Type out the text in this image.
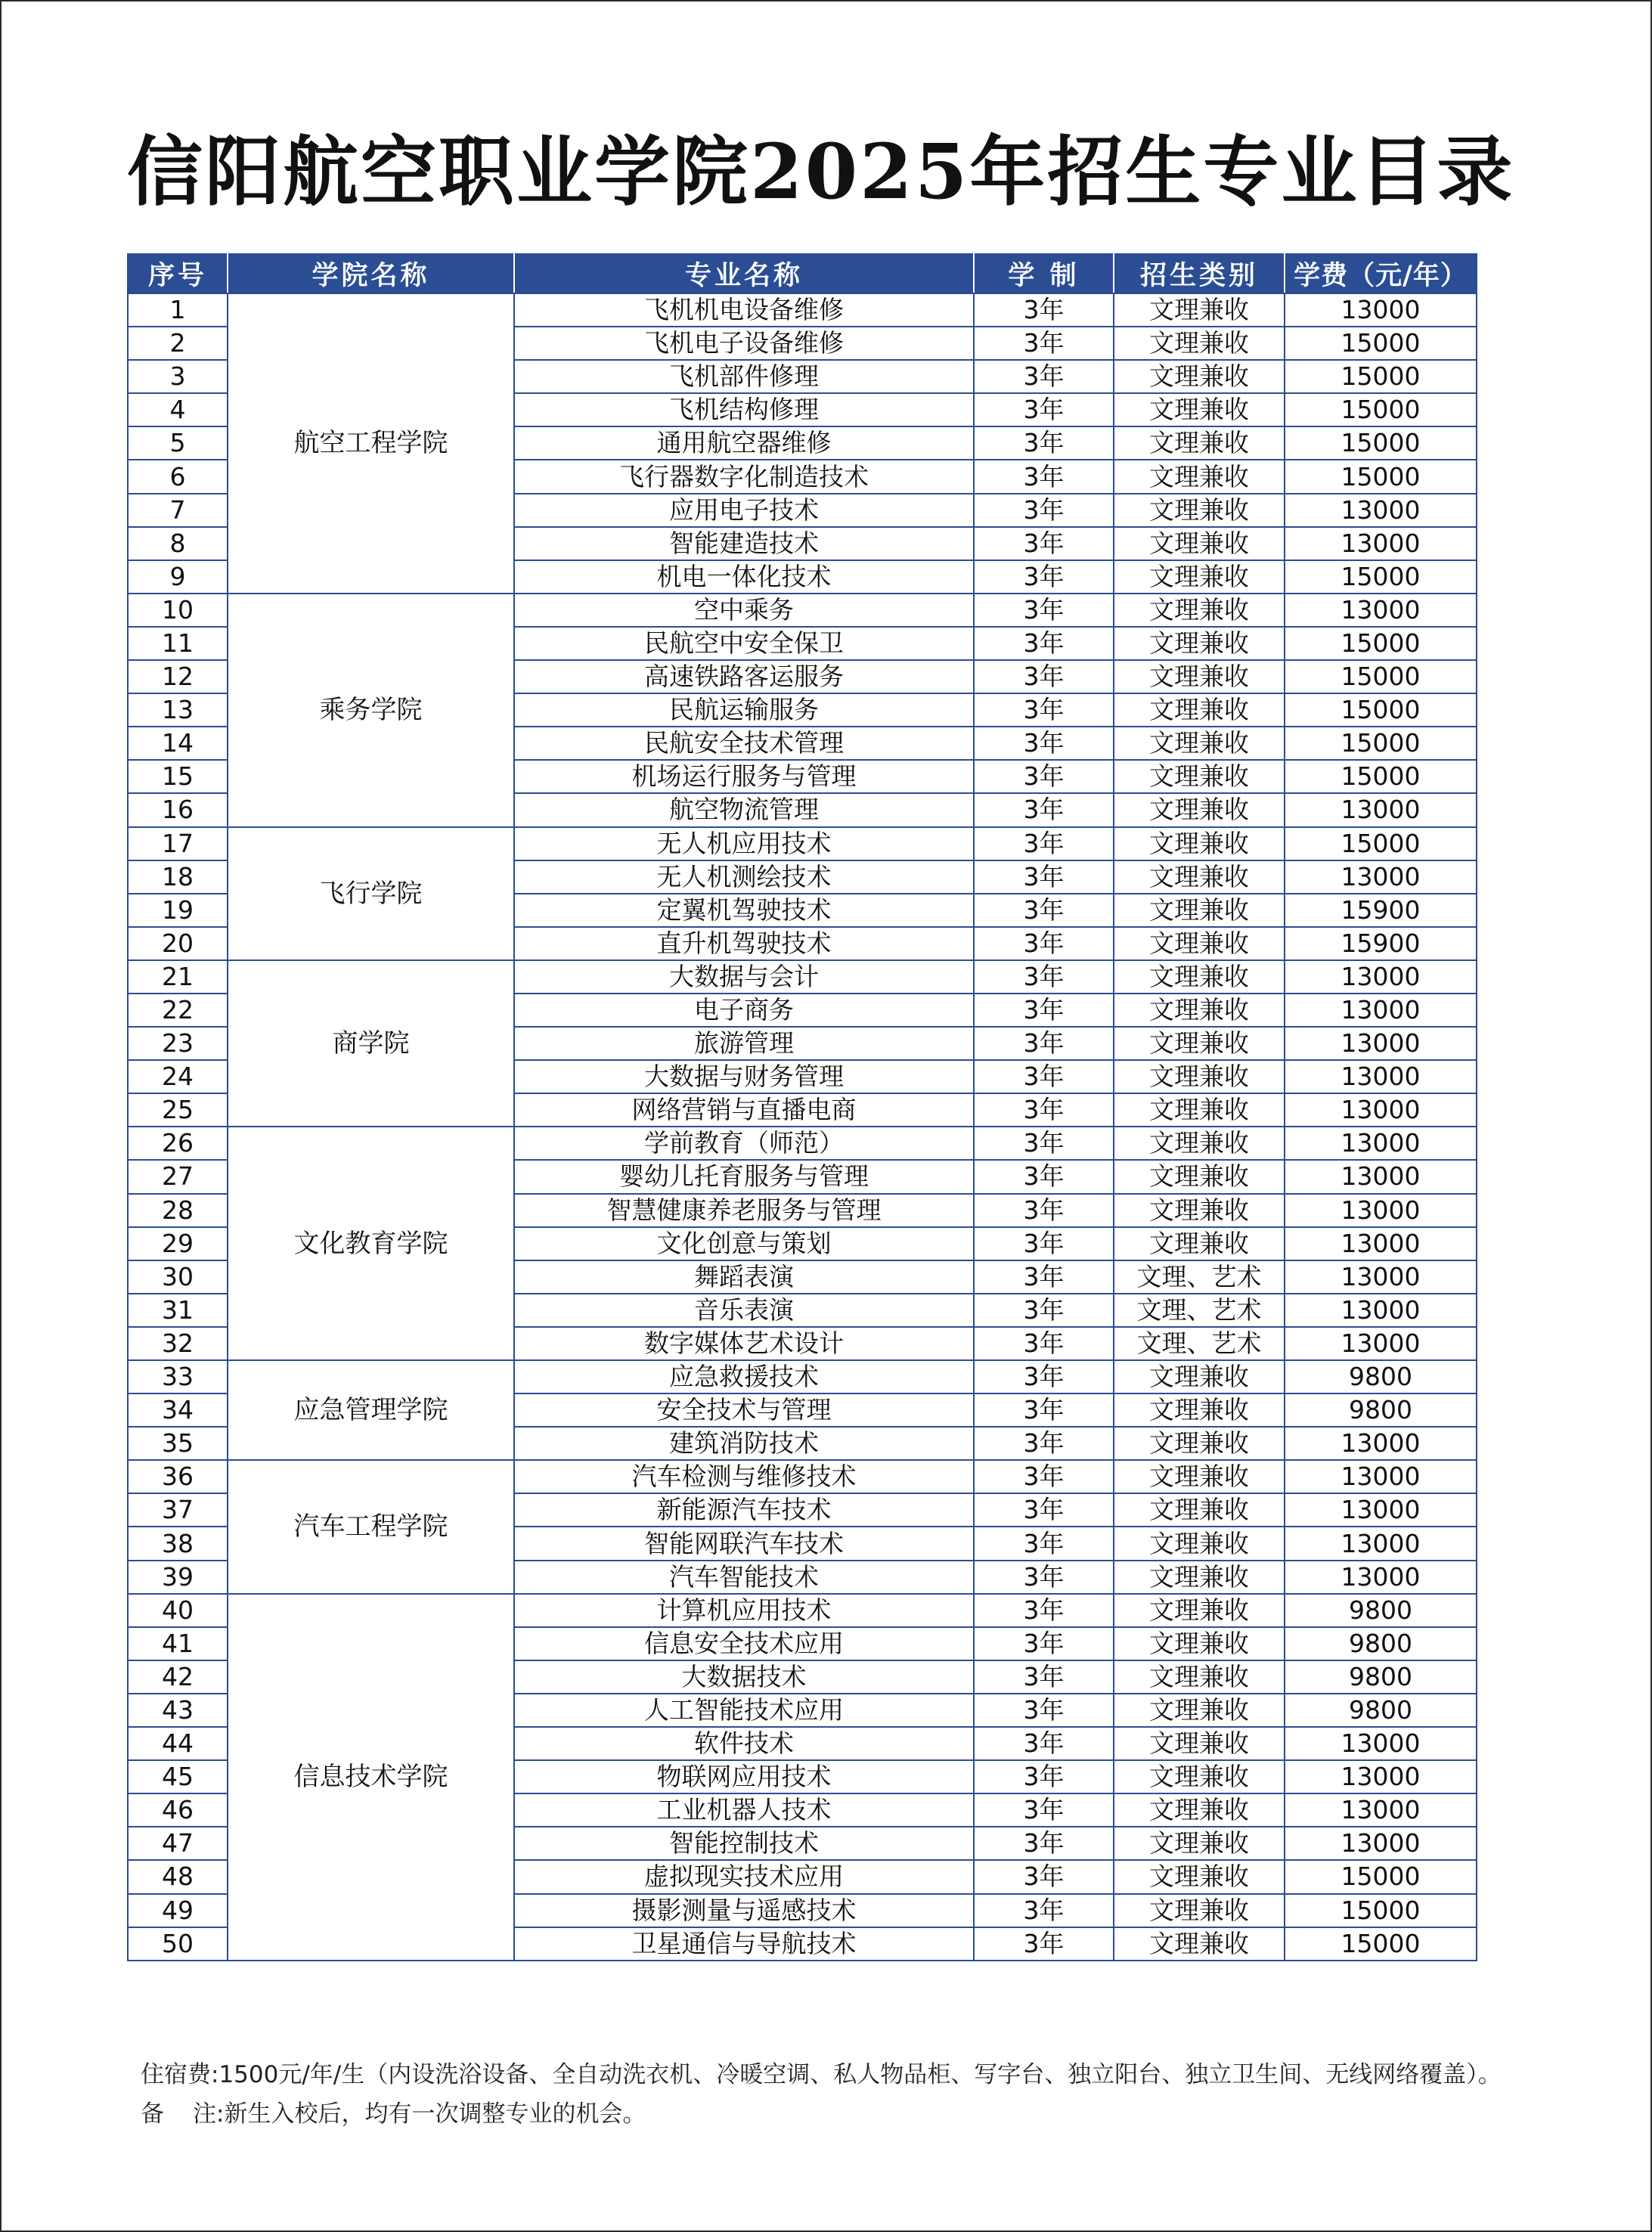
信阳航空职业学院2025年招生专业目录
序号	学院名称	专业名称	学 制	招生类别	学费（元/年）
1	航空工程学院	飞机机电设备维修	3年	文理兼收	13000
2		飞机电子设备维修	3年	文理兼收	15000
3		飞机部件修理	3年	文理兼收	15000
4		飞机结构修理	3年	文理兼收	15000
5		通用航空器维修	3年	文理兼收	15000
6		飞行器数字化制造技术	3年	文理兼收	15000
7		应用电子技术	3年	文理兼收	13000
8		智能建造技术	3年	文理兼收	13000
9		机电一体化技术	3年	文理兼收	15000
10	乘务学院	空中乘务	3年	文理兼收	13000
11		民航空中安全保卫	3年	文理兼收	15000
12		高速铁路客运服务	3年	文理兼收	15000
13		民航运输服务	3年	文理兼收	15000
14		民航安全技术管理	3年	文理兼收	15000
15		机场运行服务与管理	3年	文理兼收	15000
16		航空物流管理	3年	文理兼收	13000
17	飞行学院	无人机应用技术	3年	文理兼收	15000
18		无人机测绘技术	3年	文理兼收	13000
19		定翼机驾驶技术	3年	文理兼收	15900
20		直升机驾驶技术	3年	文理兼收	15900
21	商学院	大数据与会计	3年	文理兼收	13000
22		电子商务	3年	文理兼收	13000
23		旅游管理	3年	文理兼收	13000
24		大数据与财务管理	3年	文理兼收	13000
25		网络营销与直播电商	3年	文理兼收	13000
26	文化教育学院	学前教育（师范）	3年	文理兼收	13000
27		婴幼儿托育服务与管理	3年	文理兼收	13000
28		智慧健康养老服务与管理	3年	文理兼收	13000
29		文化创意与策划	3年	文理兼收	13000
30		舞蹈表演	3年	文理、艺术	13000
31		音乐表演	3年	文理、艺术	13000
32		数字媒体艺术设计	3年	文理、艺术	13000
33	应急管理学院	应急救援技术	3年	文理兼收	9800
34		安全技术与管理	3年	文理兼收	9800
35		建筑消防技术	3年	文理兼收	13000
36	汽车工程学院	汽车检测与维修技术	3年	文理兼收	13000
37		新能源汽车技术	3年	文理兼收	13000
38		智能网联汽车技术	3年	文理兼收	13000
39		汽车智能技术	3年	文理兼收	13000
40	信息技术学院	计算机应用技术	3年	文理兼收	9800
41		信息安全技术应用	3年	文理兼收	9800
42		大数据技术	3年	文理兼收	9800
43		人工智能技术应用	3年	文理兼收	9800
44		软件技术	3年	文理兼收	13000
45		物联网应用技术	3年	文理兼收	13000
46		工业机器人技术	3年	文理兼收	13000
47		智能控制技术	3年	文理兼收	13000
48		虚拟现实技术应用	3年	文理兼收	15000
49		摄影测量与遥感技术	3年	文理兼收	15000
50		卫星通信与导航技术	3年	文理兼收	15000
住宿费 : 1500元/年/生（内设洗浴设备、全自动洗衣机、冷暖空调、私人物品柜、写字台、独立阳台、独立卫生间、无线网络覆盖）。
备 注 : 新生入校后，均有一次调整专业的机会。
